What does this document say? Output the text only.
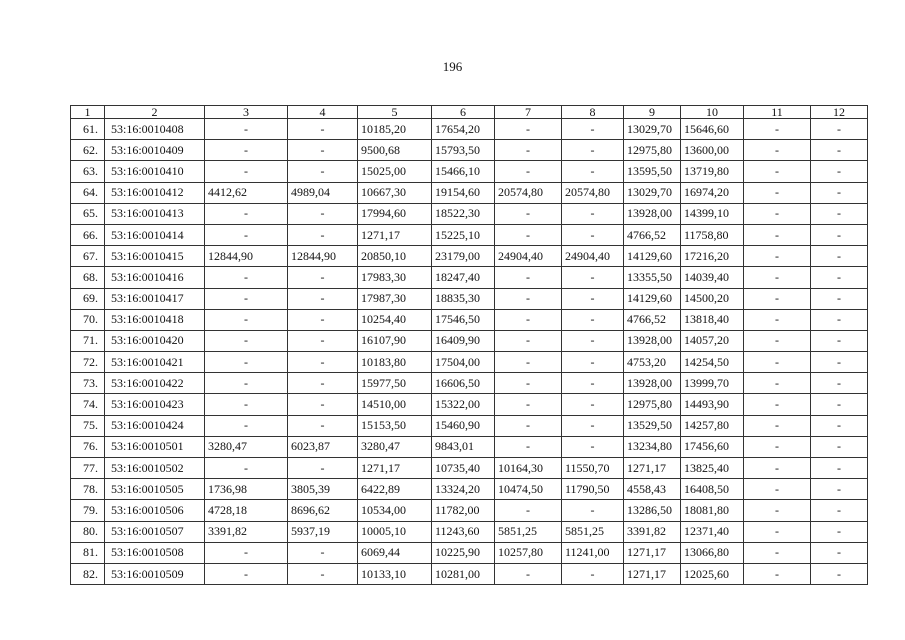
196
1	2	3	4	5	6	7	8	9	10	11	12
61.	53:16:0010408	-	-	10185,20	17654,20	-	-	13029,70	15646,60	-	-
62.	53:16:0010409	-	-	9500,68	15793,50	-	-	12975,80	13600,00	-	-
63.	53:16:0010410	-	-	15025,00	15466,10	-	-	13595,50	13719,80	-	-
64.	53:16:0010412	4412,62	4989,04	10667,30	19154,60	20574,80	20574,80	13029,70	16974,20	-	-
65.	53:16:0010413	-	-	17994,60	18522,30	-	-	13928,00	14399,10	-	-
66.	53:16:0010414	-	-	1271,17	15225,10	-	-	4766,52	11758,80	-	-
67.	53:16:0010415	12844,90	12844,90	20850,10	23179,00	24904,40	24904,40	14129,60	17216,20	-	-
68.	53:16:0010416	-	-	17983,30	18247,40	-	-	13355,50	14039,40	-	-
69.	53:16:0010417	-	-	17987,30	18835,30	-	-	14129,60	14500,20	-	-
70.	53:16:0010418	-	-	10254,40	17546,50	-	-	4766,52	13818,40	-	-
71.	53:16:0010420	-	-	16107,90	16409,90	-	-	13928,00	14057,20	-	-
72.	53:16:0010421	-	-	10183,80	17504,00	-	-	4753,20	14254,50	-	-
73.	53:16:0010422	-	-	15977,50	16606,50	-	-	13928,00	13999,70	-	-
74.	53:16:0010423	-	-	14510,00	15322,00	-	-	12975,80	14493,90	-	-
75.	53:16:0010424	-	-	15153,50	15460,90	-	-	13529,50	14257,80	-	-
76.	53:16:0010501	3280,47	6023,87	3280,47	9843,01	-	-	13234,80	17456,60	-	-
77.	53:16:0010502	-	-	1271,17	10735,40	10164,30	11550,70	1271,17	13825,40	-	-
78.	53:16:0010505	1736,98	3805,39	6422,89	13324,20	10474,50	11790,50	4558,43	16408,50	-	-
79.	53:16:0010506	4728,18	8696,62	10534,00	11782,00	-	-	13286,50	18081,80	-	-
80.	53:16:0010507	3391,82	5937,19	10005,10	11243,60	5851,25	5851,25	3391,82	12371,40	-	-
81.	53:16:0010508	-	-	6069,44	10225,90	10257,80	11241,00	1271,17	13066,80	-	-
82.	53:16:0010509	-	-	10133,10	10281,00	-	-	1271,17	12025,60	-	-
